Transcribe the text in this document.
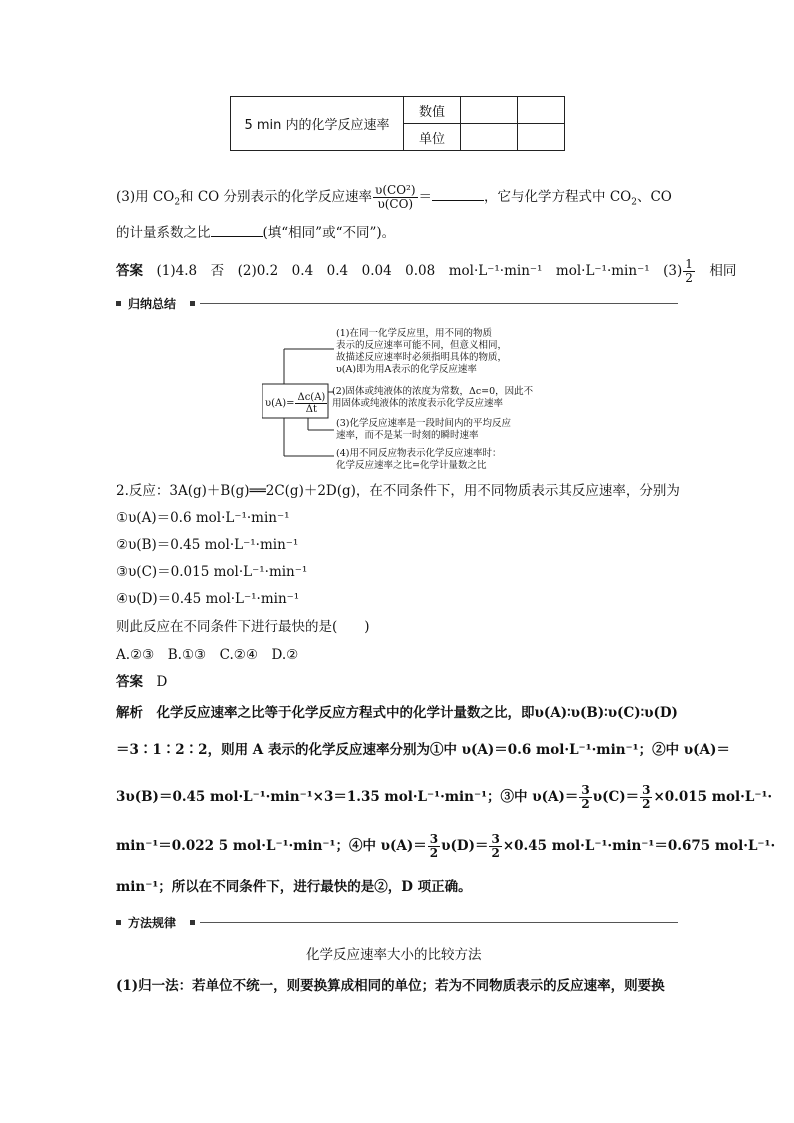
5 min 内的化学反应速率	数值		
	单位		
(3)用 $CO_2$和 CO 分别表示的化学反应速率 $\frac{\text{υ(CO²)}}{\upsilon(CO)}$ ＝	，它与化学方程式中 $CO_2$、CO
的计量系数之比	(填“相同”或“不同”)。
答案　 (1)4.8　否　(2)0.2　0.4　0.4　0.04　0.08　mol·L⁻¹·min⁻¹　mol·L⁻¹·min⁻¹　$(3) \frac{1}{2}$
　 相同
归纳总结
$\upsilon(A)= \frac{\Delta c(A)}{\Delta t}$
(1)在同一化学反应里，用不同的物质
表示的反应速率可能不同，但意义相同，
故描述反应速率时必须指明具体的物质，
υ(A)即为用A表示的化学反应速率
(2)固体或纯液体的浓度为常数，Δc=0，因此不
用固体或纯液体的浓度表示化学反应速率
(3)化学反应速率是一段时间内的平均反应
速率，而不是某一时刻的瞬时速率
(4)用不同反应物表示化学反应速率时：
化学反应速率之比=化学计量数之比
2.反应：3A(g)＋B(g)══2C(g)＋2D(g)，在不同条件下，用不同物质表示其反应速率，分别为
①υ(A)＝0.6 mol·L⁻¹·min⁻¹
②υ(B)＝0.45 mol·L⁻¹·min⁻¹
③υ(C)＝0.015 mol·L⁻¹·min⁻¹
④υ(D)＝0.45 mol·L⁻¹·min⁻¹
则此反应在不同条件下进行最快的是(　　)
A.②③　B.①③　C.②④　D.②
答案　 D
解析　 化学反应速率之比等于化学反应方程式中的化学计量数之比，即υ(A)∶υ(B)∶υ(C)∶υ(D)
＝3∶1∶2∶2，则用 A 表示的化学反应速率分别为①中 υ(A)＝0.6 mol·L⁻¹·min⁻¹；②中 υ(A)＝
3υ(B)＝0.45 mol·L⁻¹·min⁻¹×3＝1.35 mol·L⁻¹·min⁻¹；③中 $\upsilon(A)= \frac{3}{2} \upsilon(C)= \frac{3}{2} \times 0.015$ mol·L⁻¹·
min⁻¹＝0.022 5 mol·L⁻¹·min⁻¹；④中 $\upsilon(A)= \frac{3}{2} \upsilon(D)= \frac{3}{2} \times 0.45$ mol·L⁻¹·min⁻¹＝0.675 mol·L⁻¹·
min⁻¹；所以在不同条件下，进行最快的是②，D 项正确。
方法规律
化学反应速率大小的比较方法
(1)归一法：若单位不统一，则要换算成相同的单位；若为不同物质表示的反应速率，则要换
